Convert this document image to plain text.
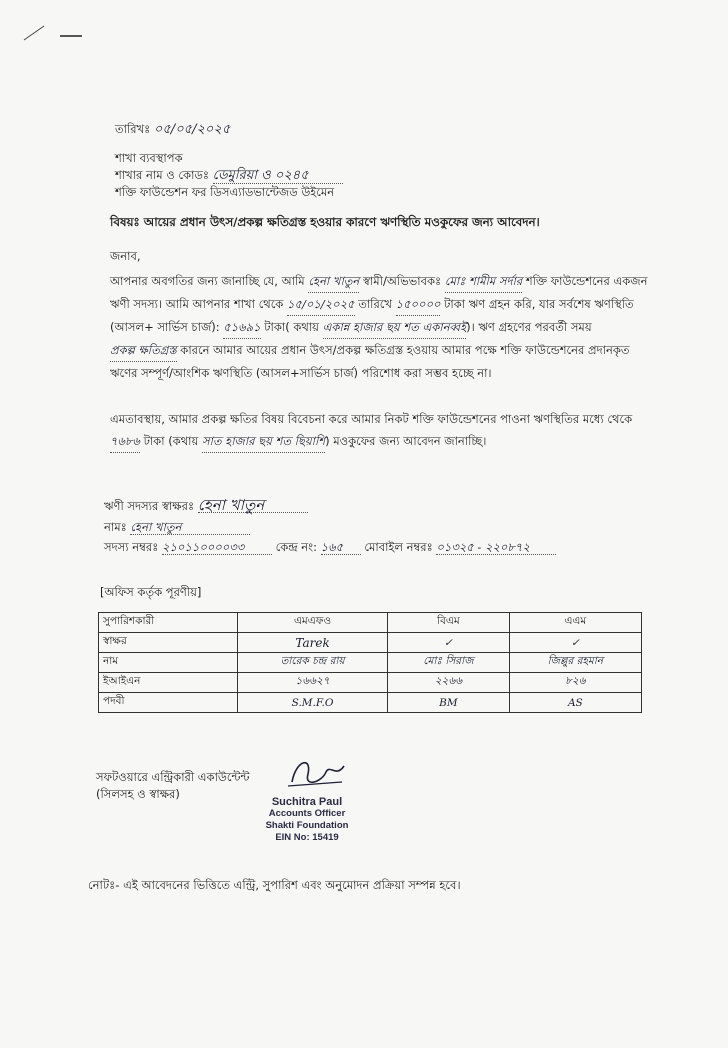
তারিখঃ ০৫/০৫/২০২৫
শাখা ব্যবস্থাপক
শাখার নাম ও কোডঃ ডেমুরিয়া ও ০২৪৫
শক্তি ফাউন্ডেশন ফর ডিসএ্যাডভান্টেজড উইমেন
বিষয়ঃ আয়ের প্রধান উৎস/প্রকল্প ক্ষতিগ্রস্ত হওয়ার কারণে ঋণস্থিতি মওকুফের জন্য আবেদন।
জনাব,

আপনার অবগতির জন্য জানাচ্ছি যে, আমি হেনা খাতুন স্বামী/অভিভাবকঃ মোঃ শামীম সর্দার শক্তি ফাউন্ডেশনের একজন ঋণী সদস্য। আমি আপনার শাখা থেকে ১৫/০১/২০২৫ তারিখে ১৫০০০০ টাকা ঋণ গ্রহন করি, যার সর্বশেষ ঋণস্থিতি (আসল+ সার্ভিস চার্জ): ৫১৬৯১ টাকা( কথায় একান্ন হাজার ছয় শত একানব্বই)। ঋণ গ্রহণের পরবর্তী সময় প্রকল্প ক্ষতিগ্রস্ত কারনে আমার আয়ের প্রধান উৎস/প্রকল্প ক্ষতিগ্রস্ত হওয়ায় আমার পক্ষে শক্তি ফাউন্ডেশনের প্রদানকৃত ঋণের সম্পূর্ণ/আংশিক ঋণস্থিতি (আসল+সার্ভিস চার্জ) পরিশোধ করা সম্ভব হচ্ছে না।

এমতাবস্থায়, আমার প্রকল্প ক্ষতির বিষয় বিবেচনা করে আমার নিকট শক্তি ফাউন্ডেশনের পাওনা ঋণস্থিতির মধ্যে থেকে ৭৬৮৬ টাকা (কথায় সাত হাজার ছয় শত ছিয়াশি) মওকুফের জন্য আবেদন জানাচ্ছি।

ঋণী সদস্যর স্বাক্ষরঃ হেনা খাতুন
নামঃ হেনা খাতুন
সদস্য নম্বরঃ ২১০১১০০০০৩৩	কেন্দ্র নং: ১৬৫ মোবাইল নম্বরঃ ০১৩২৫ - ২২০৮৭২
[অফিস কর্তৃক পূরণীয়]
সুপারিশকারী	এমএফও	বিএম	এএম
স্বাক্ষর	Tarek	✓	✓
নাম	তারেক চন্দ্র রায়	মোঃ সিরাজ	জিল্লুর রহমান
ইআইএন	১৬৬২৭	২২৬৬	৮২৬
পদবী	S.M.F.O	BM	AS
সফটওয়ারে এন্ট্রিকারী একাউন্টেন্ট
(সিলসহ ও স্বাক্ষর)
Suchitra Paul
Accounts Officer
Shakti Foundation
EIN No: 15419
নোটঃ- এই আবেদনের ভিত্তিতে এন্ট্রি, সুপারিশ এবং অনুমোদন প্রক্রিয়া সম্পন্ন হবে।
